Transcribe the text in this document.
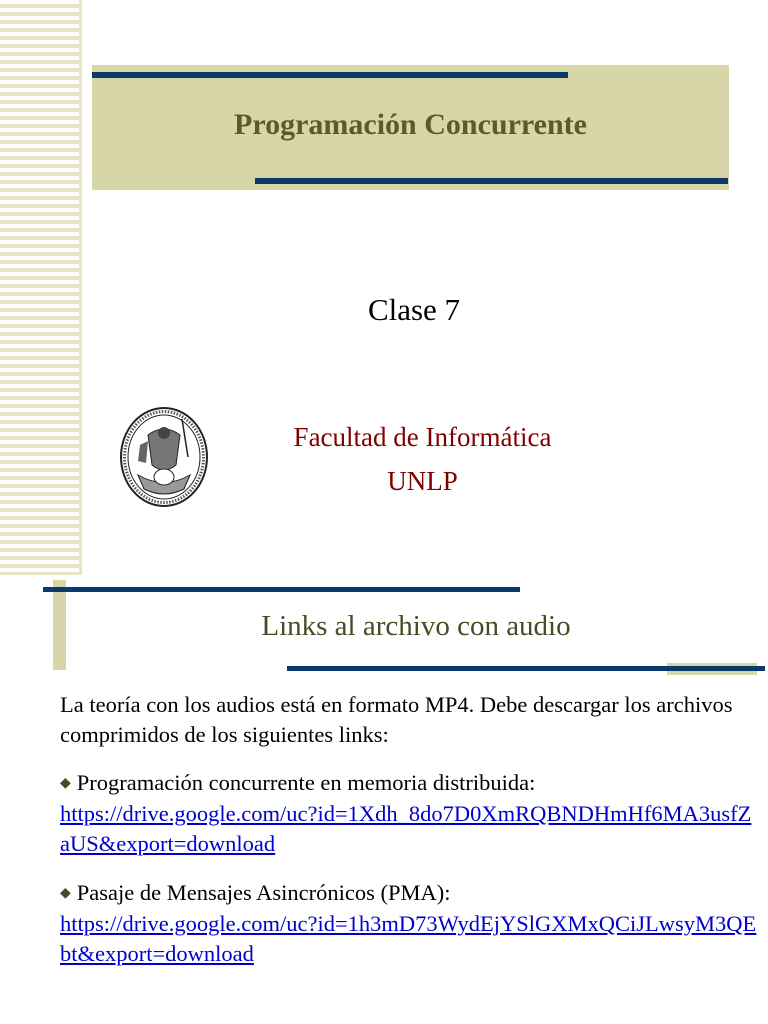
Programación Concurrente
Clase 7
Facultad de Informática
UNLP
Links al archivo con audio
La teoría con los audios está en formato MP4. Debe descargar los archivos comprimidos de los siguientes links:
◆ Programación concurrente en memoria distribuida:
https://drive.google.com/uc?id=1Xdh_8do7D0XmRQBNDHmHf6MA3usfZaUS&export=download
◆ Pasaje de Mensajes Asincrónicos (PMA):
https://drive.google.com/uc?id=1h3mD73WydEjYSlGXMxQCiJLwsyM3QEbt&export=download
